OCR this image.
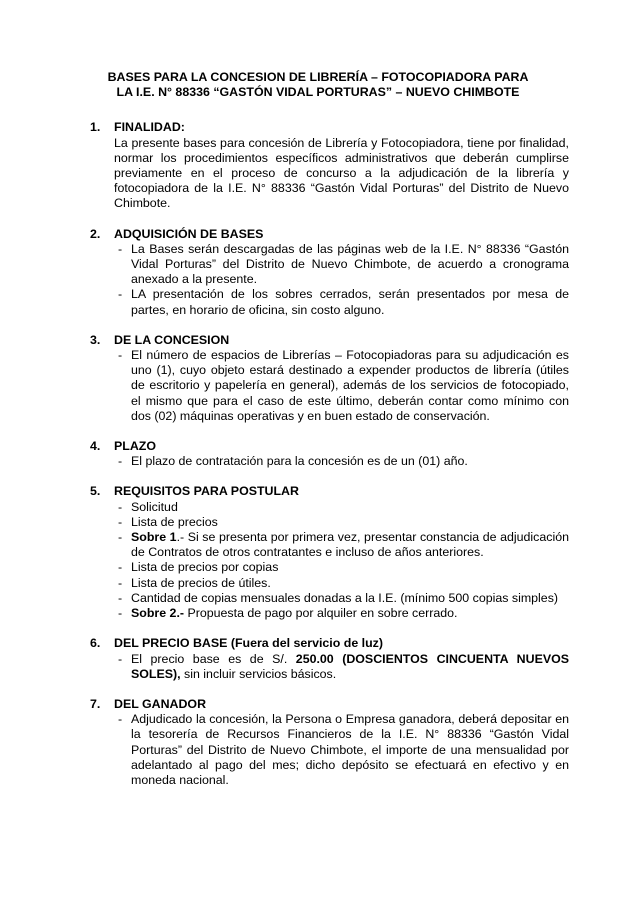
BASES PARA LA CONCESION DE LIBRERÍA – FOTOCOPIADORA PARA
LA I.E. N° 88336 “GASTÓN VIDAL PORTURAS” – NUEVO CHIMBOTE
1.	FINALIDAD:
La presente bases para concesión de Librería y Fotocopiadora, tiene por finalidad, normar los procedimientos específicos administrativos que deberán cumplirse previamente en el proceso de concurso a la adjudicación de la librería y fotocopiadora de la I.E. N° 88336 “Gastón Vidal Porturas” del Distrito de Nuevo Chimbote.
2.	ADQUISICIÓN DE BASES
- La Bases serán descargadas de las páginas web de la I.E. N° 88336 “Gastón Vidal Porturas” del Distrito de Nuevo Chimbote, de acuerdo a cronograma anexado a la presente.
- LA presentación de los sobres cerrados, serán presentados por mesa de partes, en horario de oficina, sin costo alguno.
3.	DE LA CONCESION
- El número de espacios de Librerías – Fotocopiadoras para su adjudicación es uno (1), cuyo objeto estará destinado a expender productos de librería (útiles de escritorio y papelería en general), además de los servicios de fotocopiado, el mismo que para el caso de este último, deberán contar como mínimo con dos (02) máquinas operativas y en buen estado de conservación.
4.	PLAZO
- El plazo de contratación para la concesión es de un (01) año.
5.	REQUISITOS PARA POSTULAR
- Solicitud
- Lista de precios
- Sobre 1.- Si se presenta por primera vez, presentar constancia de adjudicación de Contratos de otros contratantes e incluso de años anteriores.
- Lista de precios por copias
- Lista de precios de útiles.
- Cantidad de copias mensuales donadas a la I.E. (mínimo 500 copias simples)
- Sobre 2.- Propuesta de pago por alquiler en sobre cerrado.
6.	DEL PRECIO BASE (Fuera del servicio de luz)
- El precio base es de S/. 250.00 (DOSCIENTOS CINCUENTA NUEVOS SOLES), sin incluir servicios básicos.
7.	DEL GANADOR
- Adjudicado la concesión, la Persona o Empresa ganadora, deberá depositar en la tesorería de Recursos Financieros de la I.E. N° 88336 “Gastón Vidal Porturas” del Distrito de Nuevo Chimbote, el importe de una mensualidad por adelantado al pago del mes; dicho depósito se efectuará en efectivo y en moneda nacional.
